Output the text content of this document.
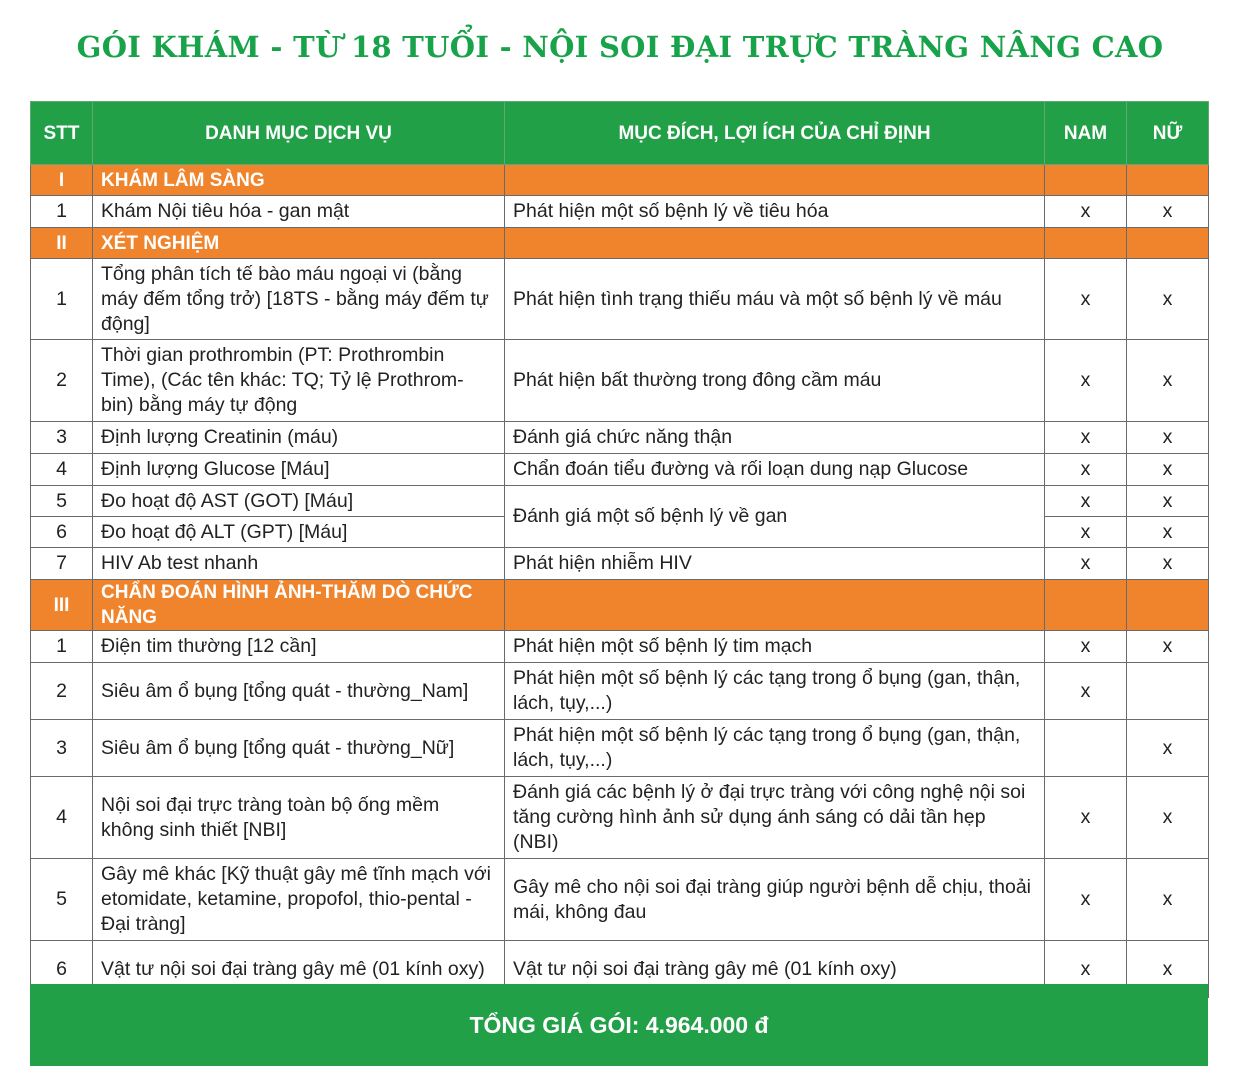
GÓI KHÁM - TỪ 18 TUỔI - NỘI SOI ĐẠI TRỰC TRÀNG NÂNG CAO
STT	DANH MỤC DỊCH VỤ	MỤC ĐÍCH, LỢI ÍCH CỦA CHỈ ĐỊNH	NAM	NỮ
I	KHÁM LÂM SÀNG			
1	Khám Nội tiêu hóa - gan mật	Phát hiện một số bệnh lý về tiêu hóa	x	x
II	XÉT NGHIỆM			
1	Tổng phân tích tế bào máu ngoại vi (bằng máy đếm tổng trở) [18TS - bằng máy đếm tự động]	Phát hiện tình trạng thiếu máu và một số bệnh lý về máu	x	x
2	Thời gian prothrombin (PT: Prothrombin Time), (Các tên khác: TQ; Tỷ lệ Prothrom-bin) bằng máy tự động	Phát hiện bất thường trong đông cầm máu	x	x
3	Định lượng Creatinin (máu)	Đánh giá chức năng thận	x	x
4	Định lượng Glucose [Máu]	Chẩn đoán tiểu đường và rối loạn dung nạp Glucose	x	x
5	Đo hoạt độ AST (GOT) [Máu]	Đánh giá một số bệnh lý về gan	x	x
6	Đo hoạt độ ALT (GPT) [Máu]		x	x
7	HIV Ab test nhanh	Phát hiện nhiễm HIV	x	x
III	CHẨN ĐOÁN HÌNH ẢNH-THĂM DÒ CHỨC NĂNG			
1	Điện tim thường [12 cần]	Phát hiện một số bệnh lý tim mạch	x	x
2	Siêu âm ổ bụng [tổng quát - thường_Nam]	Phát hiện một số bệnh lý các tạng trong ổ bụng (gan, thận, lách, tụy,...)	x	
3	Siêu âm ổ bụng [tổng quát - thường_Nữ]	Phát hiện một số bệnh lý các tạng trong ổ bụng (gan, thận, lách, tụy,...)		x
4	Nội soi đại trực tràng toàn bộ ống mềm không sinh thiết [NBI]	Đánh giá các bệnh lý ở đại trực tràng với công nghệ nội soi tăng cường hình ảnh sử dụng ánh sáng có dải tần hẹp (NBI)	x	x
5	Gây mê khác [Kỹ thuật gây mê tĩnh mạch với etomidate, ketamine, propofol, thio-pental - Đại tràng]	Gây mê cho nội soi đại tràng giúp người bệnh dễ chịu, thoải mái, không đau	x	x
6	Vật tư nội soi đại tràng gây mê (01 kính oxy)	Vật tư nội soi đại tràng gây mê (01 kính oxy)	x	x
TỔNG GIÁ GÓI: 4.964.000 đ
